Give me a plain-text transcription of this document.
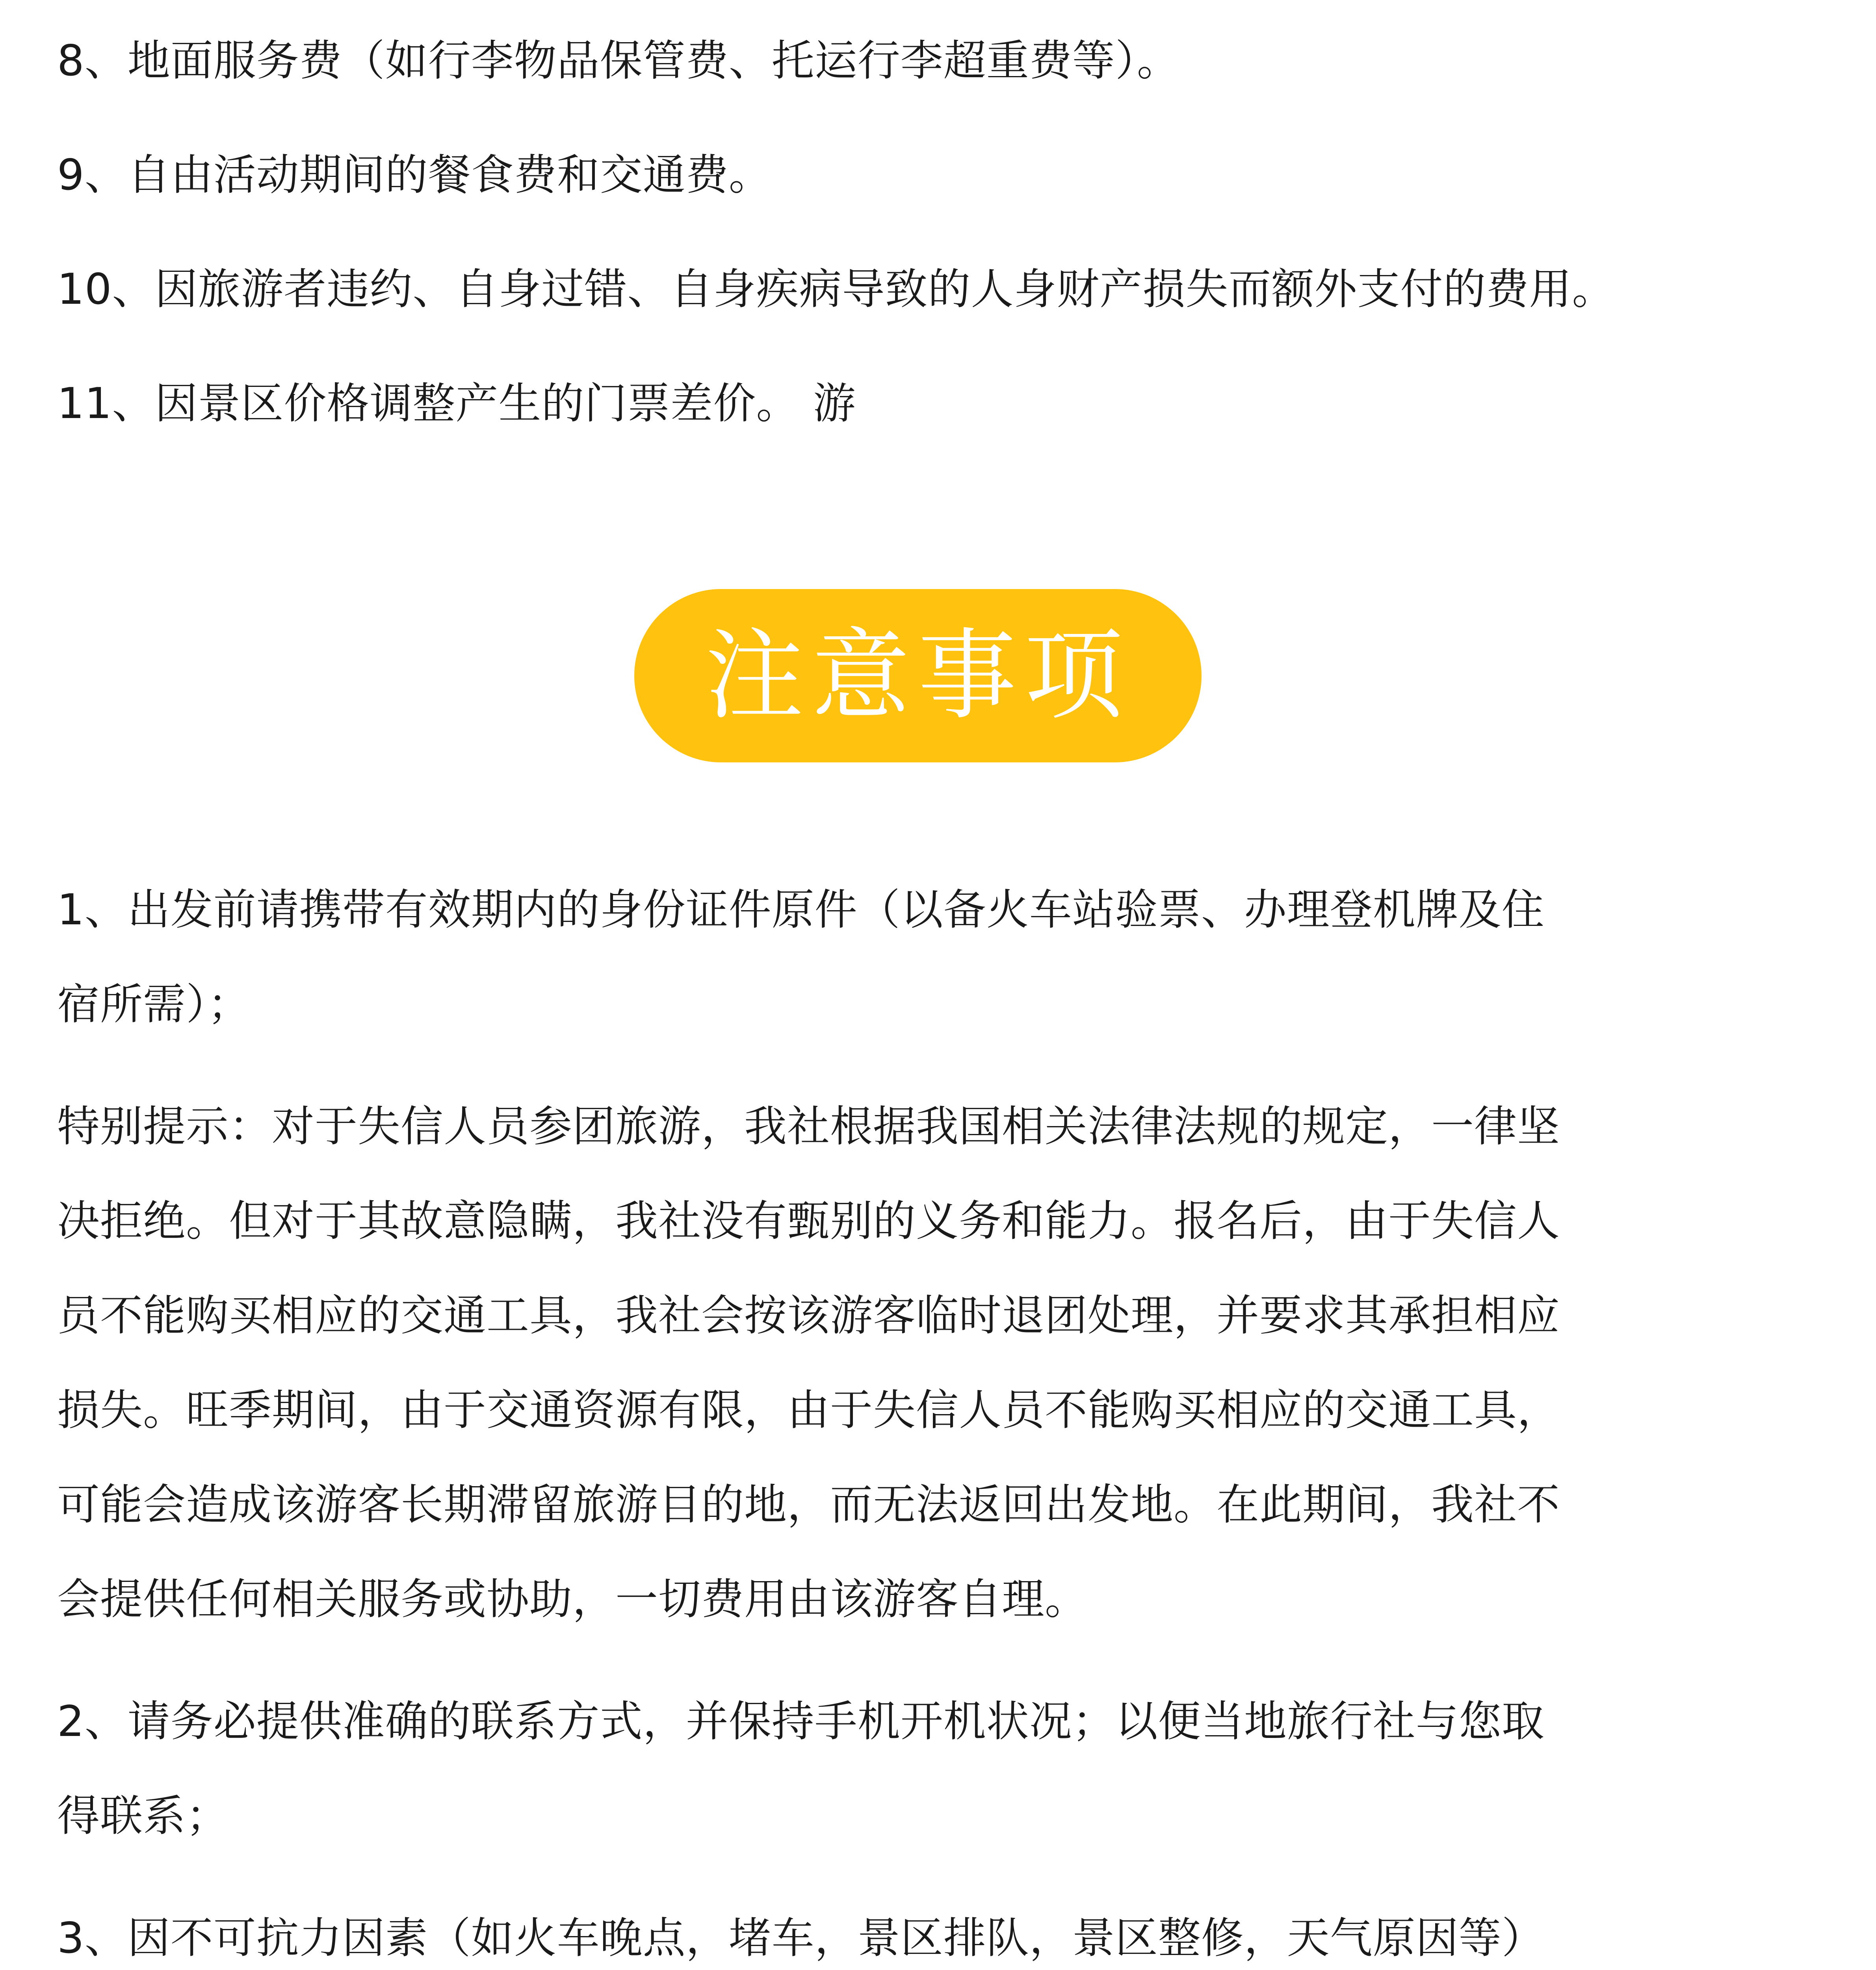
8、地面服务费（如行李物品保管费、托运行李超重费等）。

9、自由活动期间的餐食费和交通费。

10、因旅游者违约、自身过错、自身疾病导致的人身财产损失而额外支付的费用。

11、因景区价格调整产生的门票差价。 游

注意事项

1、出发前请携带有效期内的身份证件原件（以备火车站验票、办理登机牌及住

宿所需）；

特别提示：对于失信人员参团旅游，我社根据我国相关法律法规的规定，一律坚

决拒绝。但对于其故意隐瞒，我社没有甄别的义务和能力。报名后，由于失信人

员不能购买相应的交通工具，我社会按该游客临时退团处理，并要求其承担相应

损失。旺季期间，由于交通资源有限，由于失信人员不能购买相应的交通工具，

可能会造成该游客长期滞留旅游目的地，而无法返回出发地。在此期间，我社不

会提供任何相关服务或协助，一切费用由该游客自理。

2、请务必提供准确的联系方式，并保持手机开机状况；以便当地旅行社与您取

得联系；

3、因不可抗力因素（如火车晚点，堵车，景区排队，景区整修，天气原因等）
